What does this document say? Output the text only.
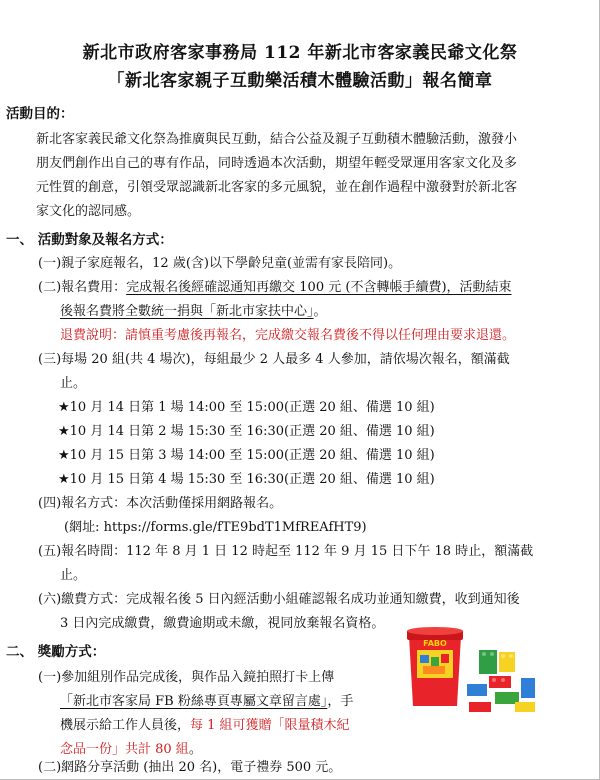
新北市政府客家事務局 112 年新北市客家義民爺文化祭
「新北客家親子互動樂活積木體驗活動」報名簡章
活動目的：
新北客家義民爺文化祭為推廣與民互動，結合公益及親子互動積木體驗活動，激發小
朋友們創作出自己的專有作品，同時透過本次活動，期望年輕受眾運用客家文化及多
元性質的創意，引領受眾認識新北客家的多元風貌，並在創作過程中激發對於新北客
家文化的認同感。
一、 活動對象及報名方式：
(一)親子家庭報名，12 歲(含)以下學齡兒童(並需有家長陪同)。
(二)報名費用：完成報名後經確認通知再繳交 100 元 (不含轉帳手續費)，活動結束
後報名費將全數統一捐與「新北市家扶中心」。
退費說明：請慎重考慮後再報名，完成繳交報名費後不得以任何理由要求退還。
(三)每場 20 組(共 4 場次)，每組最少 2 人最多 4 人參加，請依場次報名，額滿截
止。
★10 月 14 日第 1 場 14:00 至 15:00(正選 20 組、備選 10 組)
★10 月 14 日第 2 場 15:30 至 16:30(正選 20 組、備選 10 組)
★10 月 15 日第 3 場 14:00 至 15:00(正選 20 組、備選 10 組)
★10 月 15 日第 4 場 15:30 至 16:30(正選 20 組、備選 10 組)
(四)報名方式：本次活動僅採用網路報名。
(網址: https://forms.gle/fTE9bdT1MfREAfHT9)
(五)報名時間：112 年 8 月 1 日 12 時起至 112 年 9 月 15 日下午 18 時止，額滿截
止。
(六)繳費方式：完成報名後 5 日內經活動小組確認報名成功並通知繳費，收到通知後
3 日內完成繳費，繳費逾期或未繳，視同放棄報名資格。
二、 獎勵方式：
(一)參加組別作品完成後，與作品入鏡拍照打卡上傳
「新北市客家局 FB 粉絲專頁專屬文章留言處」，手
機展示給工作人員後，每 1 組可獲贈「限量積木紀
念品一份」共計 80 組。
(二)網路分享活動 (抽出 20 名)，電子禮券 500 元。
FABO
